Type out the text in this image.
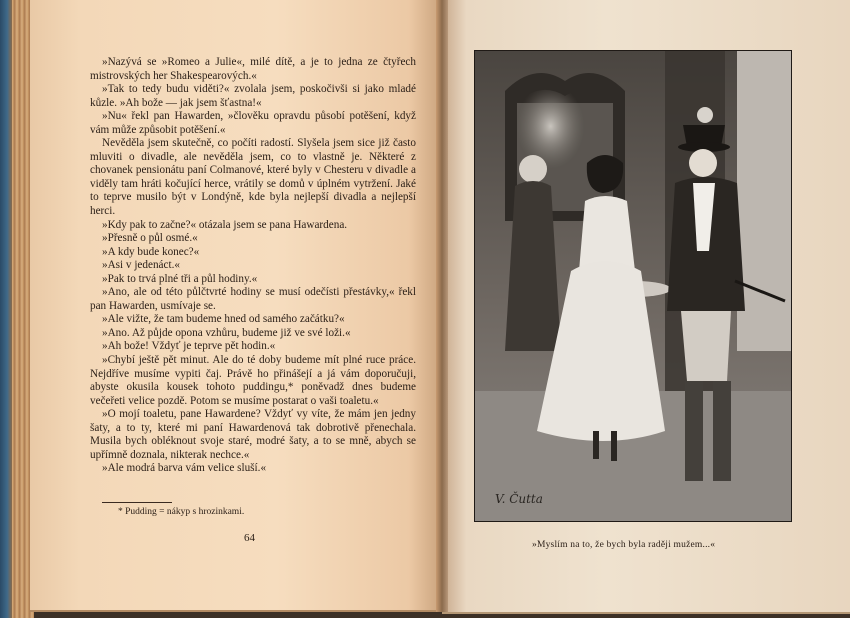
»Nazývá se »Romeo a Julie«, milé dítě, a je to jedna ze čtyřech mistrovských her Shakespearových.«

»Tak to tedy budu viděti?« zvolala jsem, poskočivši si jako mladé kůzle. »Ah bože — jak jsem šťastna!«

»Nu« řekl pan Hawarden, »člověku opravdu působí potěšení, když vám může způsobit potěšení.«

Nevěděla jsem skutečně, co počíti radostí. Slyšela jsem sice již často mluviti o divadle, ale nevěděla jsem, co to vlastně je. Některé z chovanek pensionátu paní Colmanové, které byly v Chesteru v divadle a viděly tam hráti kočující herce, vrátily se domů v úplném vytržení. Jaké to teprve musilo být v Londýně, kde byla nejlepší divadla a nejlepší herci.

»Kdy pak to začne?« otázala jsem se pana Hawardena.

»Přesně o půl osmé.«

»A kdy bude konec?«

»Asi v jedenáct.«

»Pak to trvá plné tři a půl hodiny.«

»Ano, ale od této půlčtvrté hodiny se musí odečísti přestávky,« řekl pan Hawarden, usmívaje se.

»Ale vižte, že tam budeme hned od samého začátku?«

»Ano. Až půjde opona vzhůru, budeme již ve své loži.«

»Ah bože! Vždyť je teprve pět hodin.«

»Chybí ještě pět minut. Ale do té doby budeme mít plné ruce práce. Nejdříve musíme vypiti čaj. Právě ho přinášejí a já vám doporučuji, abyste okusila kousek tohoto puddingu,* poněvadž dnes budeme večeřeti velice pozdě. Potom se musíme postarat o vaši toaletu.«

»O mojí toaletu, pane Hawardene? Vždyť vy víte, že mám jen jedny šaty, a to ty, které mi paní Hawardenová tak dobrotivě přenechala. Musila bych obléknout svoje staré, modré šaty, a to se mně, abych se upřímně doznala, nikterak nechce.«

»Ale modrá barva vám velice sluší.«

* Pudding = nákyp s hrozinkami.
64
V. Čutta
»Myslím na to, že bych byla raději mužem...«
